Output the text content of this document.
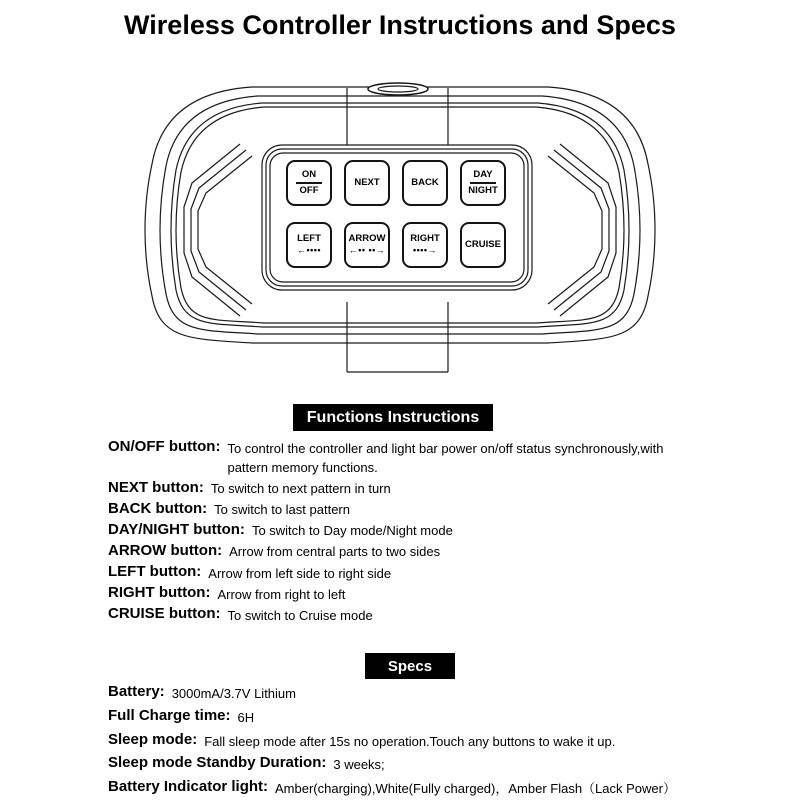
Wireless Controller Instructions and Specs
ON
OFF
NEXT	BACK
DAY
NIGHT
LEFT
←••••
ARROW
←•• ••→
RIGHT
••••→
CRUISE
Functions Instructions
ON/OFF button: To control the controller and light bar power on/off status synchronously,with
pattern memory functions.
NEXT button: To switch to next pattern in turn
BACK button: To switch to last pattern
DAY/NIGHT button: To switch to Day mode/Night mode
ARROW button: Arrow from central parts to two sides
LEFT button: Arrow from left side to right side
RIGHT button: Arrow from right to left
CRUISE button: To switch to Cruise mode
Specs
Battery: 3000mA/3.7V Lithium
Full Charge time: 6H
Sleep mode: Fall sleep mode after 15s no operation.Touch any buttons to wake it up.
Sleep mode Standby Duration: 3 weeks;
Battery Indicator light: Amber(charging),White(Fully charged)，Amber Flash（Lack Power）
